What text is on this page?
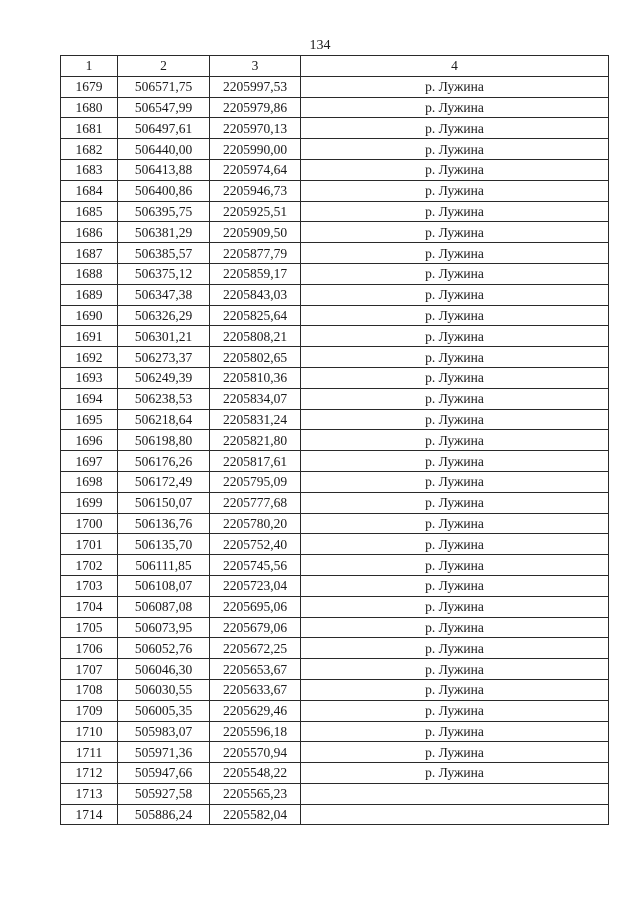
134
1	2	3	4
1679	506571,75	2205997,53	р. Лужина
1680	506547,99	2205979,86	р. Лужина
1681	506497,61	2205970,13	р. Лужина
1682	506440,00	2205990,00	р. Лужина
1683	506413,88	2205974,64	р. Лужина
1684	506400,86	2205946,73	р. Лужина
1685	506395,75	2205925,51	р. Лужина
1686	506381,29	2205909,50	р. Лужина
1687	506385,57	2205877,79	р. Лужина
1688	506375,12	2205859,17	р. Лужина
1689	506347,38	2205843,03	р. Лужина
1690	506326,29	2205825,64	р. Лужина
1691	506301,21	2205808,21	р. Лужина
1692	506273,37	2205802,65	р. Лужина
1693	506249,39	2205810,36	р. Лужина
1694	506238,53	2205834,07	р. Лужина
1695	506218,64	2205831,24	р. Лужина
1696	506198,80	2205821,80	р. Лужина
1697	506176,26	2205817,61	р. Лужина
1698	506172,49	2205795,09	р. Лужина
1699	506150,07	2205777,68	р. Лужина
1700	506136,76	2205780,20	р. Лужина
1701	506135,70	2205752,40	р. Лужина
1702	506111,85	2205745,56	р. Лужина
1703	506108,07	2205723,04	р. Лужина
1704	506087,08	2205695,06	р. Лужина
1705	506073,95	2205679,06	р. Лужина
1706	506052,76	2205672,25	р. Лужина
1707	506046,30	2205653,67	р. Лужина
1708	506030,55	2205633,67	р. Лужина
1709	506005,35	2205629,46	р. Лужина
1710	505983,07	2205596,18	р. Лужина
1711	505971,36	2205570,94	р. Лужина
1712	505947,66	2205548,22	р. Лужина
1713	505927,58	2205565,23	
1714	505886,24	2205582,04	
